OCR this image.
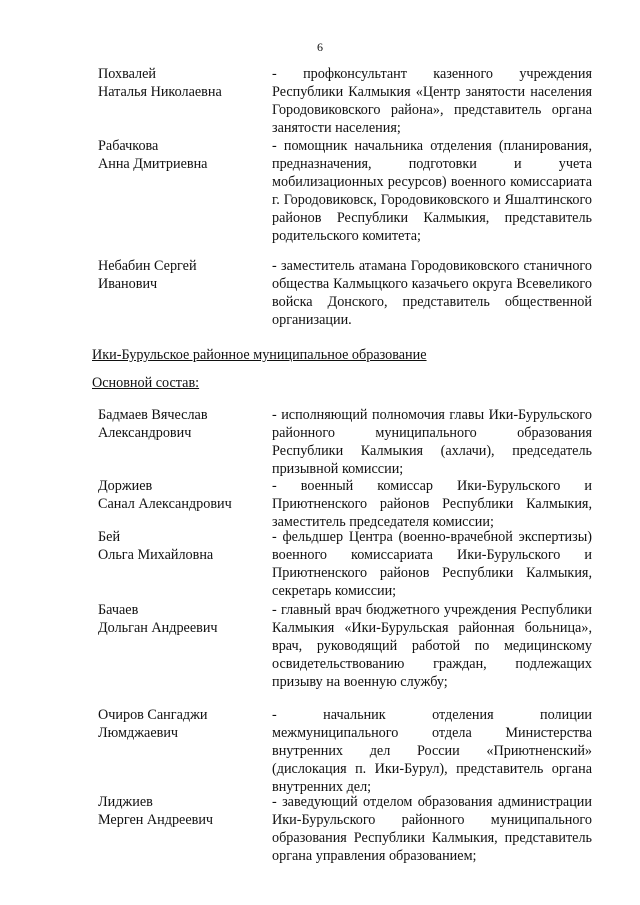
6
Похвалей
Наталья Николаевна
- профконсультант казенного учреждения Республики Калмыкия «Центр занятости населения Городовиковского района», представитель органа занятости населения;
Рабачкова
Анна Дмитриевна
- помощник начальника отделения (планирования, предназначения, подготовки и учета мобилизационных ресурсов) военного комиссариата г. Городовиковск, Городовиковского и Яшалтинского районов Республики Калмыкия, представитель родительского комитета;
Небабин Сергей
Иванович
- заместитель атамана Городовиковского станичного общества Калмыцкого казачьего округа Всевеликого войска Донского, представитель общественной организации.
Ики-Бурульское районное муниципальное образование
Основной состав:
Бадмаев Вячеслав
Александрович
- исполняющий полномочия главы Ики-Бурульского районного муниципального образования Республики Калмыкия (ахлачи), председатель призывной комиссии;
Доржиев
Санал Александрович
- военный комиссар Ики-Бурульского и Приютненского районов Республики Калмыкия, заместитель председателя комиссии;
Бей
Ольга Михайловна
- фельдшер Центра (военно-врачебной экспертизы) военного комиссариата Ики-Бурульского и Приютненского районов Республики Калмыкия, секретарь комиссии;
Бачаев
Дольган Андреевич
- главный врач бюджетного учреждения Республики Калмыкия «Ики-Бурульская районная больница», врач, руководящий работой по медицинскому освидетельствованию граждан, подлежащих призыву на военную службу;
Очиров Сангаджи
Люмджаевич
- начальник отделения полиции межмуниципального отдела Министерства внутренних дел России «Приютненский» (дислокация п. Ики-Бурул), представитель органа внутренних дел;
Лиджиев
Мерген Андреевич
- заведующий отделом образования администрации Ики-Бурульского районного муниципального образования Республики Калмыкия, представитель органа управления образованием;
